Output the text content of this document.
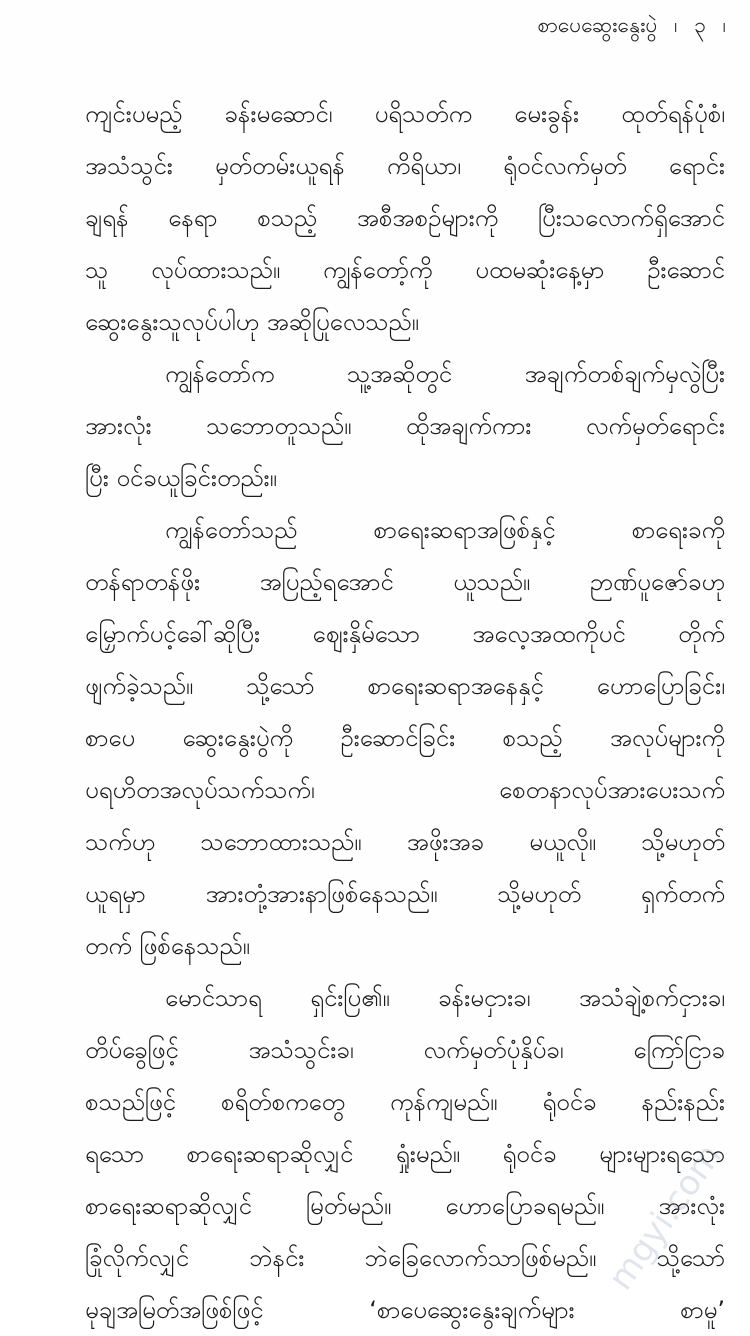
စာပေဆွေးနွေးပွဲ ၊ ၃ ၊
ကျင်းပမည့် ခန်းမဆောင်၊ ပရိသတ်က မေးခွန်း ထုတ်ရန်ပုံစံ၊
အသံသွင်း မှတ်တမ်းယူရန် ကိရိယာ၊ ရုံဝင်လက်မှတ် ရောင်း
ချရန် နေရာ စသည့် အစီအစဉ်များကို ပြီးသလောက်ရှိအောင်
သူ လုပ်ထားသည်။ ကျွန်တော့်ကို ပထမဆုံးနေ့မှာ ဦးဆောင်
ဆွေးနွေးသူလုပ်ပါဟု အဆိုပြုလေသည်။
ကျွန်တော်က သူ့အဆိုတွင် အချက်တစ်ချက်မှလွဲပြီး
အားလုံး သဘောတူသည်။ ထိုအချက်ကား လက်မှတ်ရောင်း
ပြီး ဝင်ခယူခြင်းတည်း။
ကျွန်တော်သည် စာရေးဆရာအဖြစ်နှင့် စာရေးခကို
တန်ရာတန်ဖိုး အပြည့်ရအောင် ယူသည်။ ဉာဏ်ပူဇော်ခဟု
မြှောက်ပင့်ခေါ်ဆိုပြီး ဈေးနှိမ်သော အလေ့အထကိုပင် တိုက်
ဖျက်ခဲ့သည်။ သို့သော် စာရေးဆရာအနေနှင့် ဟောပြောခြင်း၊
စာပေ ဆွေးနွေးပွဲကို ဦးဆောင်ခြင်း စသည့် အလုပ်များကို
ပရဟိတအလုပ်သက်သက်၊ စေတနာလုပ်အားပေးသက်
သက်ဟု သဘောထားသည်။ အဖိုးအခ မယူလို။ သို့မဟုတ်
ယူရမှာ အားတုံ့အားနာဖြစ်နေသည်။ သို့မဟုတ် ရှက်တက်
တက် ဖြစ်နေသည်။
မောင်သာရ ရှင်းပြ၏။ ခန်းမငှားခ၊ အသံချဲ့စက်ငှားခ၊
တိပ်ခွေဖြင့် အသံသွင်းခ၊ လက်မှတ်ပုံနှိပ်ခ၊ ကြော်ငြာခ
စသည်ဖြင့် စရိတ်စကတွေ ကုန်ကျမည်။ ရုံဝင်ခ နည်းနည်း
ရသော စာရေးဆရာဆိုလျှင် ရှုံးမည်။ ရုံဝင်ခ များများရသော
စာရေးဆရာဆိုလျှင် မြတ်မည်။ ဟောပြောခရမည်။ အားလုံး
ခြုံလိုက်လျှင် ဘဲနင်း ဘဲခြေလောက်သာဖြစ်မည်။ သို့သော်
မုချအမြတ်အဖြစ်ဖြင့် ‘စာပေဆွေးနွေးချက်များ စာမူ’
mgyi.com
